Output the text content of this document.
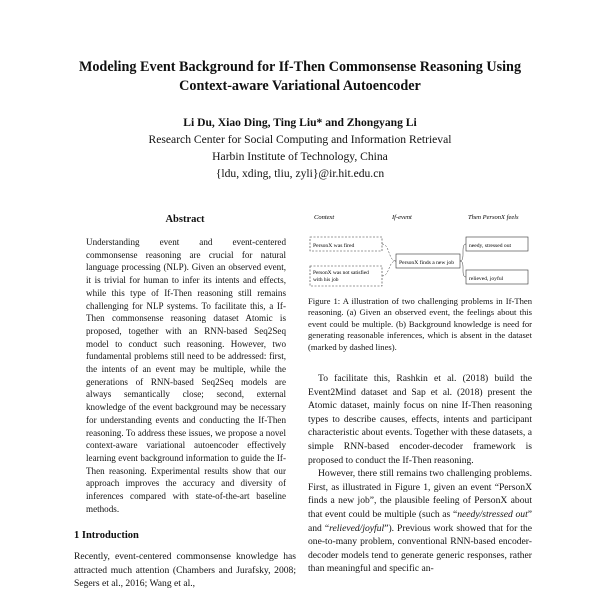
Modeling Event Background for If-Then Commonsense Reasoning Using
Context-aware Variational Autoencoder
Li Du, Xiao Ding, Ting Liu* and Zhongyang Li
Research Center for Social Computing and Information Retrieval
Harbin Institute of Technology, China
{ldu, xding, tliu, zyli}@ir.hit.edu.cn
Abstract

Understanding event and event-centered commonsense reasoning are crucial for natural language processing (NLP). Given an observed event, it is trivial for human to infer its intents and effects, while this type of If-Then reasoning still remains challenging for NLP systems. To facilitate this, a If-Then commonsense reasoning dataset Atomic is proposed, together with an RNN-based Seq2Seq model to conduct such reasoning. However, two fundamental problems still need to be addressed: first, the intents of an event may be multiple, while the generations of RNN-based Seq2Seq models are always semantically close; second, external knowledge of the event background may be necessary for understanding events and conducting the If-Then reasoning. To address these issues, we propose a novel context-aware variational autoencoder effectively learning event background information to guide the If-Then reasoning. Experimental results show that our approach improves the accuracy and diversity of inferences compared with state-of-the-art baseline methods.

1 Introduction
Recently, event-centered commonsense knowledge has attracted much attention (Chambers and Jurafsky, 2008; Segers et al., 2016; Wang et al.,
Context	If-event	Then PersonX feels
PersonX was fired
PersonX was not satisfied with his job
PersonX finds a new job
needy, stressed out
relieved, joyful
Figure 1: A illustration of two challenging problems in If-Then reasoning. (a) Given an observed event, the feelings about this event could be multiple. (b) Background knowledge is need for generating reasonable inferences, which is absent in the dataset (marked by dashed lines).

To facilitate this, Rashkin et al. (2018) build the Event2Mind dataset and Sap et al. (2018) present the Atomic dataset, mainly focus on nine If-Then reasoning types to describe causes, effects, intents and participant characteristic about events. Together with these datasets, a simple RNN-based encoder-decoder framework is proposed to conduct the If-Then reasoning.

However, there still remains two challenging problems. First, as illustrated in Figure 1, given an event “PersonX finds a new job”, the plausible feeling of PersonX about that event could be multiple (such as “needy/stressed out” and “relieved/joyful”). Previous work showed that for the one-to-many problem, conventional RNN-based encoder-decoder models tend to generate generic responses, rather than meaningful and specific an-
